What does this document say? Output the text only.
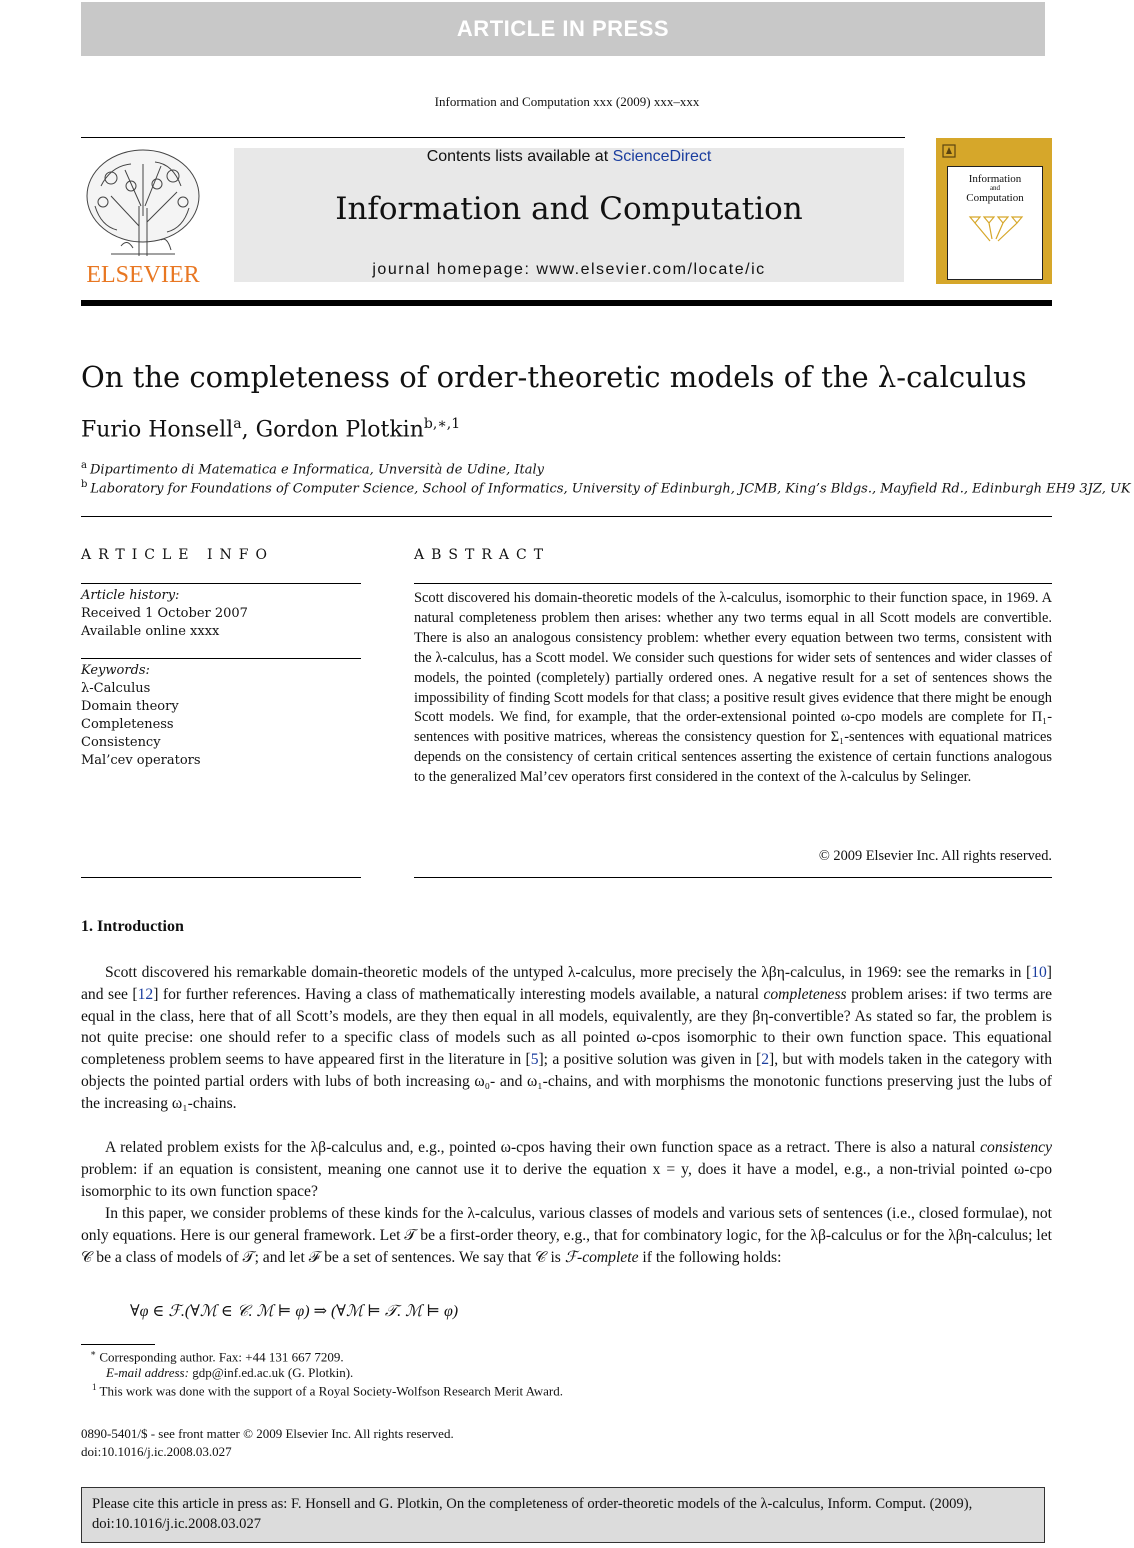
ARTICLE IN PRESS
Information and Computation xxx (2009) xxx–xxx
Contents lists available at ScienceDirect
Information and Computation
journal homepage: www.elsevier.com/locate/ic
ELSEVIER
Information
and
Computation
On the completeness of order-theoretic models of the λ-calculus
Furio Honsell$^a$, Gordon Plotkin$^{b,∗,1}$
$^a$ Dipartimento di Matematica e Informatica, Unversità de Udine, Italy
$^b$ Laboratory for Foundations of Computer Science, School of Informatics, University of Edinburgh, JCMB, King’s Bldgs., Mayfield Rd., Edinburgh EH9 3JZ, UK
ARTICLE INFO
Article history:
Received 1 October 2007
Available online xxxx
Keywords:
λ-Calculus
Domain theory
Completeness
Consistency
Mal’cev operators
ABSTRACT
Scott discovered his domain-theoretic models of the λ-calculus, isomorphic to their function space, in 1969. A natural completeness problem then arises: whether any two terms equal in all Scott models are convertible. There is also an analogous consistency problem: whether every equation between two terms, consistent with the λ-calculus, has a Scott model. We consider such questions for wider sets of sentences and wider classes of models, the pointed (completely) partially ordered ones. A negative result for a set of sentences shows the impossibility of finding Scott models for that class; a positive result gives evidence that there might be enough Scott models. We find, for example, that the order-extensional pointed ω-cpo models are complete for Π₁-sentences with positive matrices, whereas the consistency question for Σ₁-sentences with equational matrices depends on the consistency of certain critical sentences asserting the existence of certain functions analogous to the generalized Mal’cev operators first considered in the context of the λ-calculus by Selinger.
© 2009 Elsevier Inc. All rights reserved.
1. Introduction
Scott discovered his remarkable domain-theoretic models of the untyped λ-calculus, more precisely the λβη-calculus, in 1969: see the remarks in [10] and see [12] for further references. Having a class of mathematically interesting models available, a natural completeness problem arises: if two terms are equal in the class, here that of all Scott’s models, are they then equal in all models, equivalently, are they βη-convertible? As stated so far, the problem is not quite precise: one should refer to a specific class of models such as all pointed ω-cpos isomorphic to their own function space. This equational completeness problem seems to have appeared first in the literature in [5]; a positive solution was given in [2], but with models taken in the category with objects the pointed partial orders with lubs of both increasing ω₀- and ω₁-chains, and with morphisms the monotonic functions preserving just the lubs of the increasing ω₁-chains.
A related problem exists for the λβ-calculus and, e.g., pointed ω-cpos having their own function space as a retract. There is also a natural consistency problem: if an equation is consistent, meaning one cannot use it to derive the equation x = y, does it have a model, e.g., a non-trivial pointed ω-cpo isomorphic to its own function space?
In this paper, we consider problems of these kinds for the λ-calculus, various classes of models and various sets of sentences (i.e., closed formulae), not only equations. Here is our general framework. Let 𝒯 be a first-order theory, e.g., that for combinatory logic, for the λβ-calculus or for the λβη-calculus; let 𝒞 be a class of models of 𝒯; and let ℱ be a set of sentences. We say that 𝒞 is ℱ-complete if the following holds:
∀φ ∈ ℱ.(∀ℳ ∈ 𝒞. ℳ ⊨ φ) ⇒ (∀ℳ ⊨ 𝒯. ℳ ⊨ φ)
∗ Corresponding author. Fax: +44 131 667 7209.
E-mail address: gdp@inf.ed.ac.uk (G. Plotkin).
$^1$ This work was done with the support of a Royal Society-Wolfson Research Merit Award.
0890-5401/$ - see front matter © 2009 Elsevier Inc. All rights reserved.
doi:10.1016/j.ic.2008.03.027
Please cite this article in press as: F. Honsell and G. Plotkin, On the completeness of order-theoretic models of the λ-calculus, Inform. Comput. (2009), doi:10.1016/j.ic.2008.03.027
